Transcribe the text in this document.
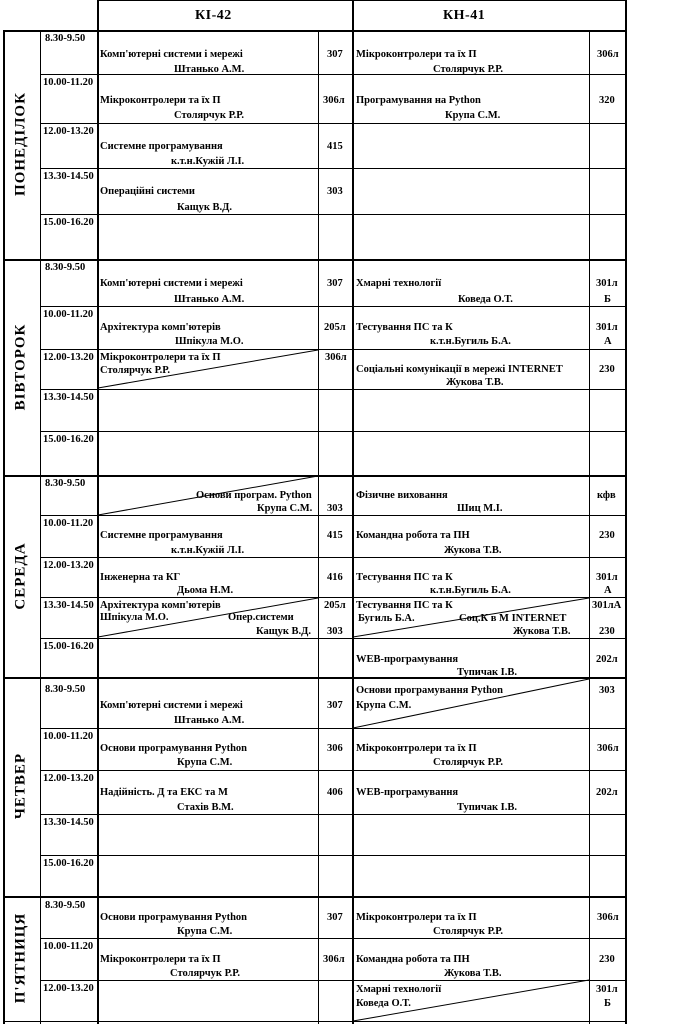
КІ-42	КН-41
ПОНЕДІЛОК
ВІВТОРОК
СЕРЕДА
ЧЕТВЕР
П'ЯТНИЦЯ
8.30-9.50
10.00-11.20
12.00-13.20
13.30-14.50
15.00-16.20
8.30-9.50
10.00-11.20
12.00-13.20
13.30-14.50
15.00-16.20
8.30-9.50
10.00-11.20
12.00-13.20
13.30-14.50
15.00-16.20
8.30-9.50
10.00-11.20
12.00-13.20
13.30-14.50
15.00-16.20
8.30-9.50
10.00-11.20
12.00-13.20
Комп'ютерні системи і мережі
Штанько А.М.
307
Мікроконтролери та їх П
Столярчук Р.Р.
306л
Системне програмування
к.т.н.Кужій Л.І.
415
Операційні системи
Кащук В.Д.
303
Мікроконтролери та їх П
Столярчук Р.Р.
306л
Програмування на Python
Крупа С.М.
320
Комп'ютерні системи і мережі
Штанько А.М.
307
Архітектура комп'ютерів
Шпікула М.О.
205л
Мікроконтролери та їх П
Столярчук Р.Р.
306л
Хмарні технології
Коведа О.Т.
301л
Б
Тестування ПС та К
к.т.н.Бугиль Б.А.
301л
А
Соціальні комунікації в мережі INTERNET
Жукова Т.В.
230
Основи програм. Python
Крупа С.М. 303
Системне програмування
к.т.н.Кужій Л.І.
415
Інженерна та КГ
Дьома Н.М.
416
Архітектура комп'ютерів
Шпікула М.О.
205л
Опер.системи
Кащук В.Д. 303
Фізичне виховання
Шиц М.І.
кфв
Командна робота та ПН
Жукова Т.В.
230
Тестування ПС та К
к.т.н.Бугиль Б.А.
301л
А
Тестування ПС та К
Бугиль Б.А.
301лА
Соц.К в М INTERNET
Жукова Т.В.	230
WEB-програмування
Тупичак І.В.
202л
Комп'ютерні системи і мережі
Штанько А.М.
307
Основи програмування Python
Крупа С.М.
306
Надійність. Д та ЕКС та М
Стахів В.М.
406
Основи програмування Python
Крупа С.М.
303
Мікроконтролери та їх П
Столярчук Р.Р.
306л
WEB-програмування
Тупичак І.В.
202л
Основи програмування Python
Крупа С.М.
307
Мікроконтролери та їх П
Столярчук Р.Р.
306л
Мікроконтролери та їх П
Столярчук Р.Р.
306л
Командна робота та ПН
Жукова Т.В.
230
Хмарні технології
Коведа О.Т.
301л
Б
